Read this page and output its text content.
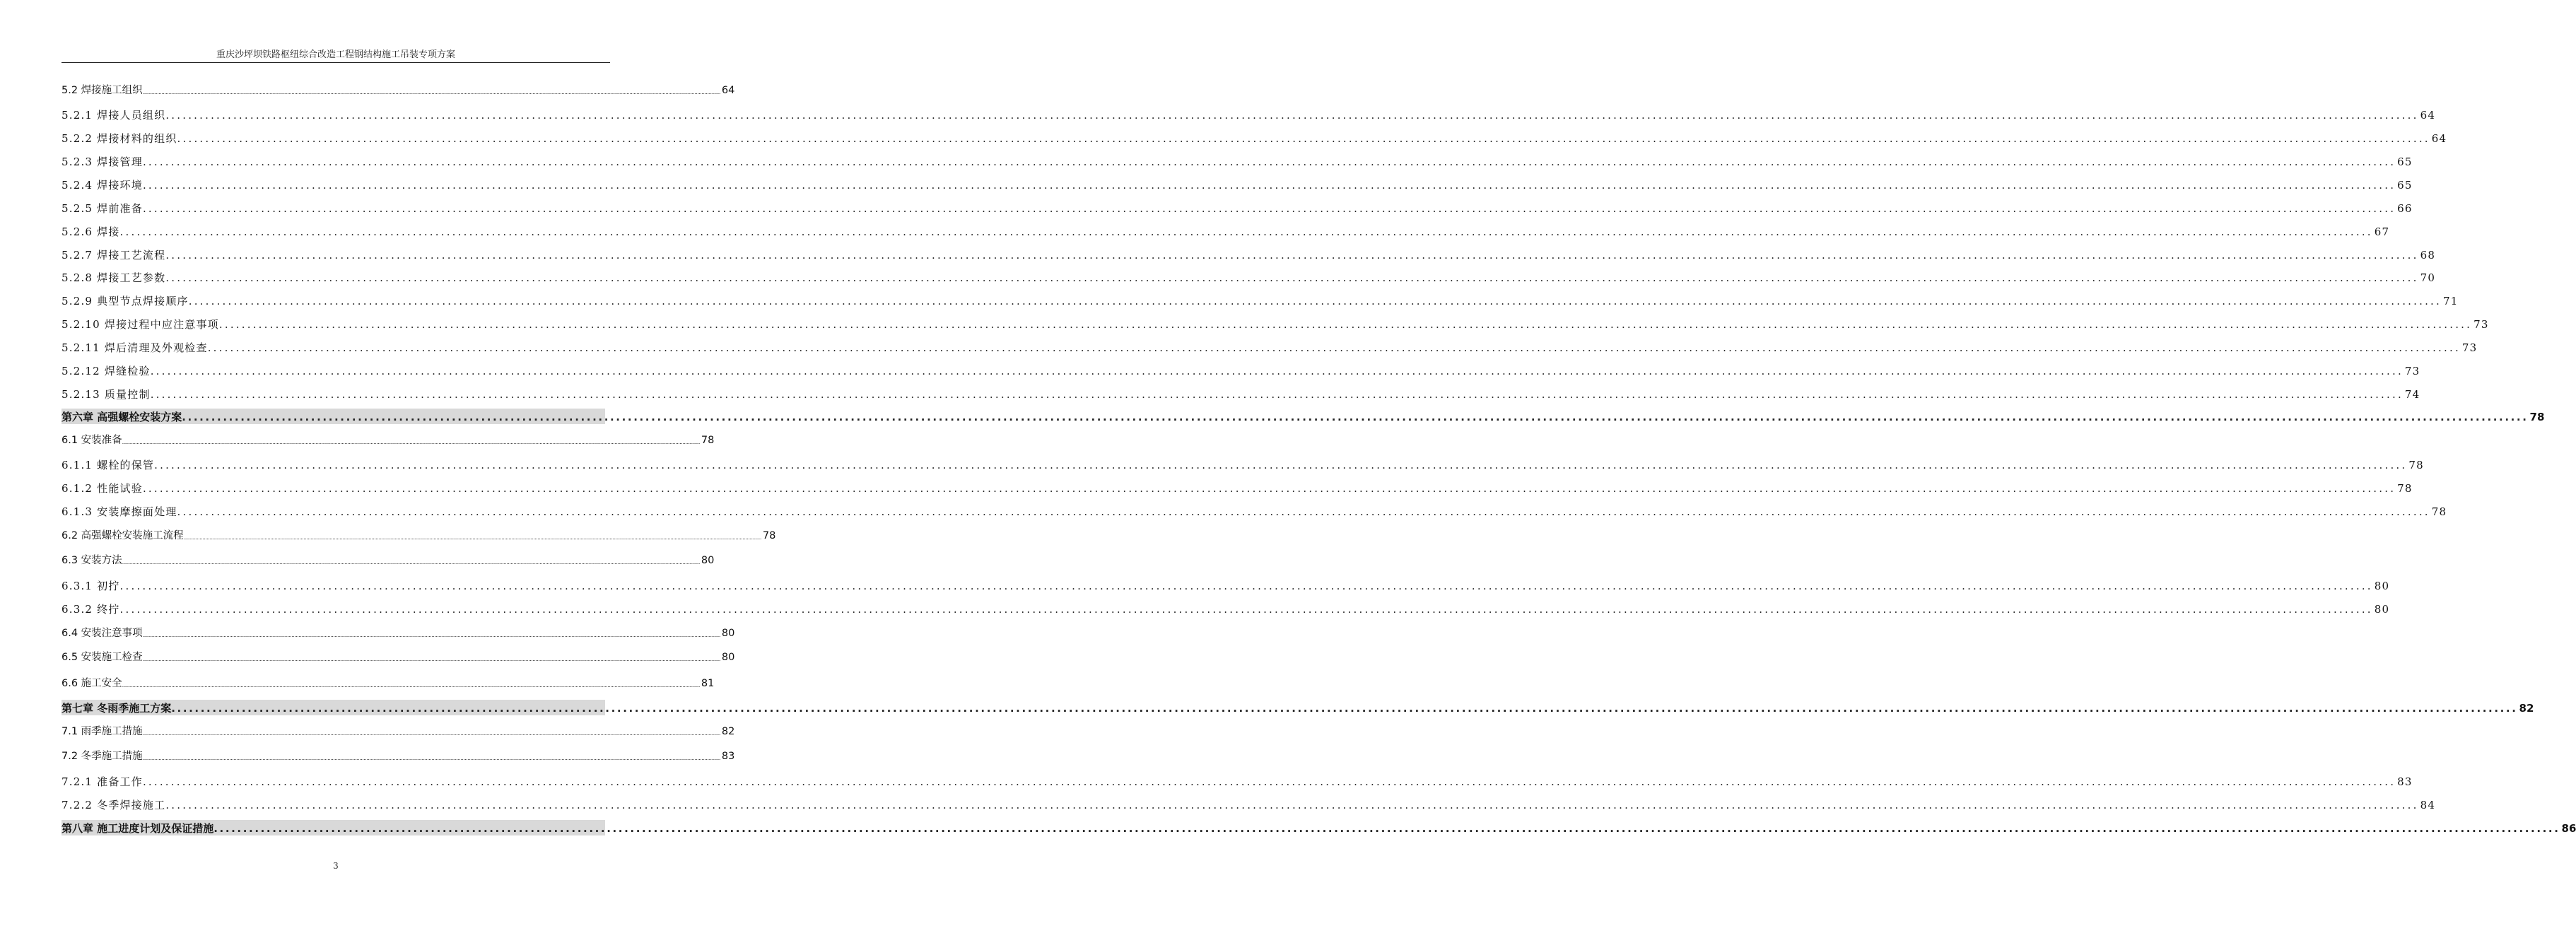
重庆沙坪坝铁路枢纽综合改造工程钢结构施工吊装专项方案
5.2 焊接施工组织 ................................................................................................................................................................................................................................................................................................................................................................................................................ 64
5.2.1 焊接人员组织 ................................................................................................................................................................................................................................................................................................................................................................................................................ 64
5.2.2 焊接材料的组织 ................................................................................................................................................................................................................................................................................................................................................................................................................ 64
5.2.3 焊接管理 ................................................................................................................................................................................................................................................................................................................................................................................................................ 65
5.2.4 焊接环境 ................................................................................................................................................................................................................................................................................................................................................................................................................ 65
5.2.5 焊前准备 ................................................................................................................................................................................................................................................................................................................................................................................................................ 66
5.2.6 焊接 ................................................................................................................................................................................................................................................................................................................................................................................................................ 67
5.2.7 焊接工艺流程 ................................................................................................................................................................................................................................................................................................................................................................................................................ 68
5.2.8 焊接工艺参数 ................................................................................................................................................................................................................................................................................................................................................................................................................ 70
5.2.9 典型节点焊接顺序 ................................................................................................................................................................................................................................................................................................................................................................................................................ 71
5.2.10 焊接过程中应注意事项 ................................................................................................................................................................................................................................................................................................................................................................................................................ 73
5.2.11 焊后清理及外观检查 ................................................................................................................................................................................................................................................................................................................................................................................................................ 73
5.2.12 焊缝检验 ................................................................................................................................................................................................................................................................................................................................................................................................................ 73
5.2.13 质量控制 ................................................................................................................................................................................................................................................................................................................................................................................................................ 74
第六章 高强螺栓安装方案 ................................................................................................................................................................................................................................................................................................................................................................................................................ 78
6.1 安装准备 ................................................................................................................................................................................................................................................................................................................................................................................................................ 78
6.1.1 螺栓的保管 ................................................................................................................................................................................................................................................................................................................................................................................................................ 78
6.1.2 性能试验 ................................................................................................................................................................................................................................................................................................................................................................................................................ 78
6.1.3 安装摩擦面处理 ................................................................................................................................................................................................................................................................................................................................................................................................................ 78
6.2 高强螺栓安装施工流程 ................................................................................................................................................................................................................................................................................................................................................................................................................ 78
6.3 安装方法 ................................................................................................................................................................................................................................................................................................................................................................................................................ 80
6.3.1 初拧 ................................................................................................................................................................................................................................................................................................................................................................................................................ 80
6.3.2 终拧 ................................................................................................................................................................................................................................................................................................................................................................................................................ 80
6.4 安装注意事项 ................................................................................................................................................................................................................................................................................................................................................................................................................ 80
6.5 安装施工检查 ................................................................................................................................................................................................................................................................................................................................................................................................................ 80
6.6 施工安全 ................................................................................................................................................................................................................................................................................................................................................................................................................ 81
第七章 冬雨季施工方案 ................................................................................................................................................................................................................................................................................................................................................................................................................ 82
7.1 雨季施工措施 ................................................................................................................................................................................................................................................................................................................................................................................................................ 82
7.2 冬季施工措施 ................................................................................................................................................................................................................................................................................................................................................................................................................ 83
7.2.1 准备工作 ................................................................................................................................................................................................................................................................................................................................................................................................................ 83
7.2.2 冬季焊接施工 ................................................................................................................................................................................................................................................................................................................................................................................................................ 84
第八章 施工进度计划及保证措施 ................................................................................................................................................................................................................................................................................................................................................................................................................ 86
3
